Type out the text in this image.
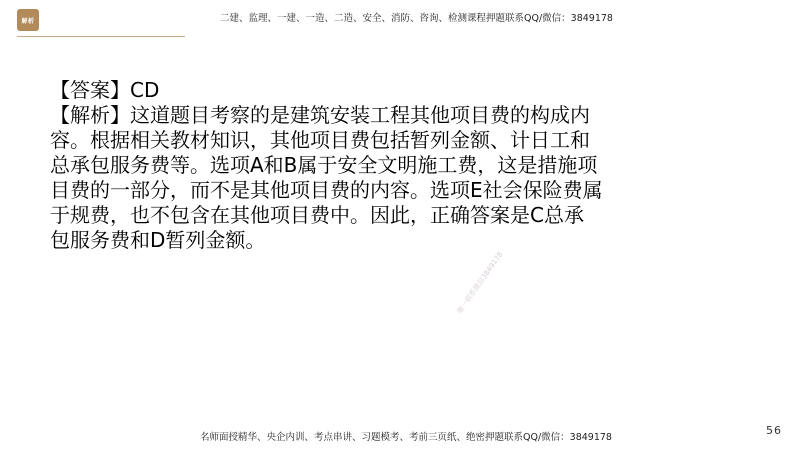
解析	二建、监理、一建、一造、二造、安全、消防、咨询、检测课程押题联系QQ/微信：3849178
【答案】CD
【解析】这道题目考察的是建筑安装工程其他项目费的构成内
容。根据相关教材知识，其他项目费包括暂列金额、计日工和
总承包服务费等。选项A和B属于安全文明施工费，这是措施项
目费的一部分，而不是其他项目费的内容。选项E社会保险费属
于规费，也不包含在其他项目费中。因此，正确答案是C总承
包服务费和D暂列金额。
唯一联系微信3849178
名师面授精华、央企内训、考点串讲、习题模考、考前三页纸、绝密押题联系QQ/微信：3849178
56
